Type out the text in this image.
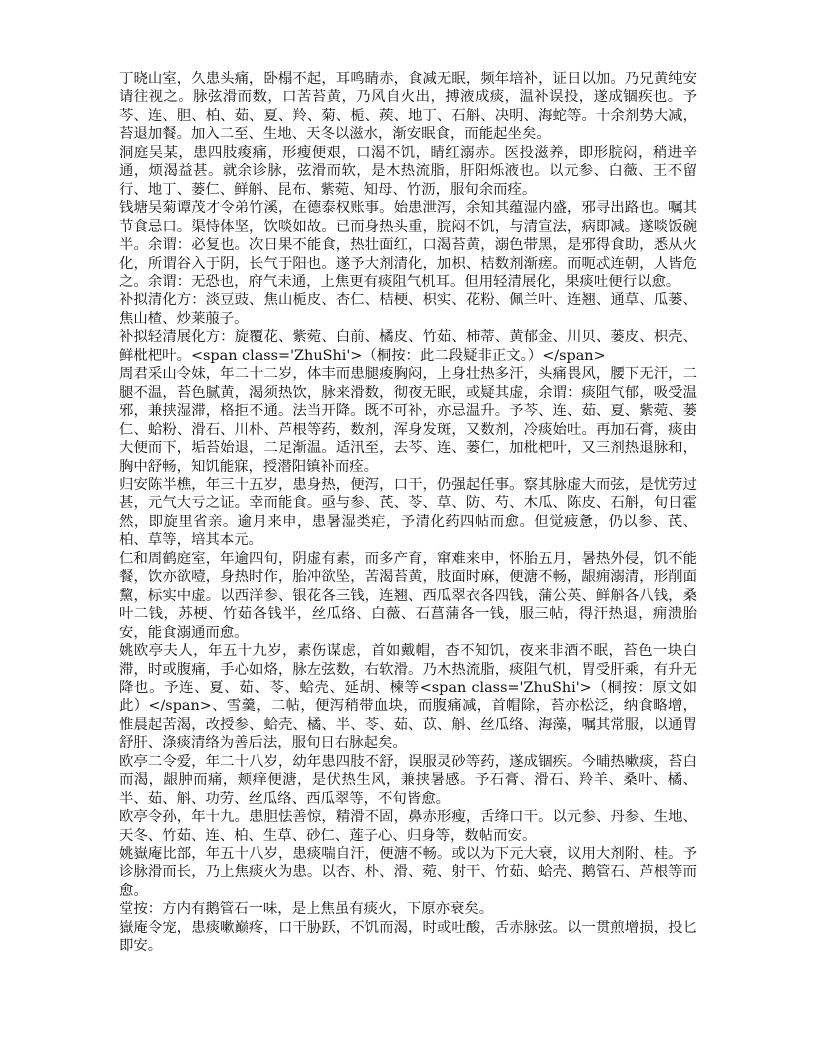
丁晓山室，久患头痛，卧榻不起，耳鸣睛赤，食减无眠，频年培补，证日以加。乃兄黄纯安请往视之。脉弦滑而数，口苦苔黄，乃风自火出，搏液成痰，温补误投，遂成锢疾也。予芩、连、胆、柏、茹、夏、羚、菊、栀、蒺、地丁、石斛、决明、海蛇等。十余剂势大减，苔退加餐。加入二至、生地、天冬以滋水，渐安眠食，而能起坐矣。

洞庭吴某，患四肢痠痛，形瘦便艰，口渴不饥，睛红溺赤。医投滋养，即形脘闷，稍进辛通，烦渴益甚。就余诊脉，弦滑而软，是木热流脂，肝阳烁液也。以元参、白薇、王不留行、地丁、蒌仁、鲜斛、昆布、紫菀、知母、竹沥，服旬余而痊。

钱塘吴菊谭茂才令弟竹溪，在德泰权账事。始患泄泻，余知其蕴湿内盛，邪寻出路也。嘱其节食忌口。渠恃体坚，饮啖如故。已而身热头重，脘闷不饥，与清宣法，病即减。遂啖饭碗半。余谓：必复也。次日果不能食，热壮面红，口渴苔黄，溺色带黑，是邪得食助，悉从火化，所谓谷入于阴，长气于阳也。遂予大剂清化，加枳、桔数剂渐瘥。而呃忒连朝，人皆危之。余谓：无恐也，府气未通，上焦更有痰阻气机耳。但用轻清展化，果痰吐便行以愈。

补拟清化方：淡豆豉、焦山栀皮、杏仁、桔梗、枳实、花粉、佩兰叶、连翘、通草、瓜蒌、焦山楂、炒莱菔子。

补拟轻清展化方：旋覆花、紫菀、白前、橘皮、竹茹、柿蒂、黄郁金、川贝、蒌皮、枳壳、鲜枇杷叶。<span class='ZhuShi'>（桐按：此二段疑非正文。）</span>

周君采山令妹，年二十二岁，体丰而患腿痠胸闷，上身壮热多汗，头痛畏风，腰下无汗，二腿不温，苔色腻黄，渴须热饮，脉来滑数，彻夜无眠，或疑其虚，余谓：痰阻气郁，吸受温邪，兼挟湿滞，格拒不通。法当开降。既不可补，亦忌温升。予芩、连、茹、夏、紫菀、蒌仁、蛤粉、滑石、川朴、芦根等药，数剂，浑身发斑，又数剂，冷痰始吐。再加石膏，痰由大便而下，垢苔始退，二足渐温。适汛至，去芩、连、蒌仁，加枇杷叶，又三剂热退脉和，胸中舒畅，知饥能寐，授潜阳镇补而痊。

归安陈半樵，年三十五岁，患身热，便泻，口干，仍强起任事。察其脉虚大而弦，是忧劳过甚，元气大亏之证。幸而能食。亟与参、芪、苓、草、防、芍、木瓜、陈皮、石斛，旬日霍然，即旋里省亲。逾月来申，患暑湿类疟，予清化药四帖而愈。但觉疲惫，仍以参、芪、柏、草等，培其本元。

仁和周鹤庭室，年逾四旬，阴虚有素，而多产育，窜难来申，怀胎五月，暑热外侵，饥不能餐，饮亦欲噎，身热时作，胎冲欲坠，苦渴苔黄，肢面时麻，便溏不畅，龈痈溺清，形削面黧，标实中虚。以西洋参、银花各三钱，连翘、西瓜翠衣各四钱，蒲公英、鲜斛各八钱，桑叶二钱，苏梗、竹茹各钱半，丝瓜络、白薇、石菖蒲各一钱，服三帖，得汗热退，痈溃胎安，能食溺通而愈。

姚欧亭夫人，年五十九岁，素伤谋虑，首如戴帽，杳不知饥，夜来非酒不眠，苔色一块白滞，时或腹痛，手心如烙，脉左弦数，右软滑。乃木热流脂，痰阻气机，胃受肝乘，有升无降也。予连、夏、茹、苓、蛤壳、延胡、楝等<span class='ZhuShi'>（桐按：原文如此）</span>、雪羹，二帖，便泻稍带血块，而腹痛减，首帽除，苔亦松泛，纳食略增，惟晨起苦渴，改授参、蛤壳、橘、半、苓、茹、苡、斛、丝瓜络、海藻，嘱其常服，以通胃舒肝、涤痰清络为善后法，服旬日右脉起矣。

欧亭二令爱，年二十八岁，幼年患四肢不舒，误服灵砂等药，遂成锢疾。今晡热嗽痰，苔白而渴，龈肿而痛，颊痒便溏，是伏热生风，兼挟暑感。予石膏、滑石、羚羊、桑叶、橘、半、茹、斛、功劳、丝瓜络、西瓜翠等，不旬皆愈。

欧亭令孙，年十九。患胆怯善惊，精滑不固，鼻赤形瘦，舌绛口干。以元参、丹参、生地、天冬、竹茹、连、柏、生草、砂仁、莲子心、归身等，数帖而安。

姚嶽庵比部，年五十八岁，患痰喘自汗，便溏不畅。或以为下元大衰，议用大剂附、桂。予诊脉滑而长，乃上焦痰火为患。以杏、朴、滑、菀、射干、竹茹、蛤壳、鹅管石、芦根等而愈。

堂按：方内有鹅管石一味，是上焦虽有痰火，下原亦衰矣。

嶽庵令宠，患痰嗽巅疼，口干胁跃，不饥而渴，时或吐酸，舌赤脉弦。以一贯煎增损，投匕即安。
